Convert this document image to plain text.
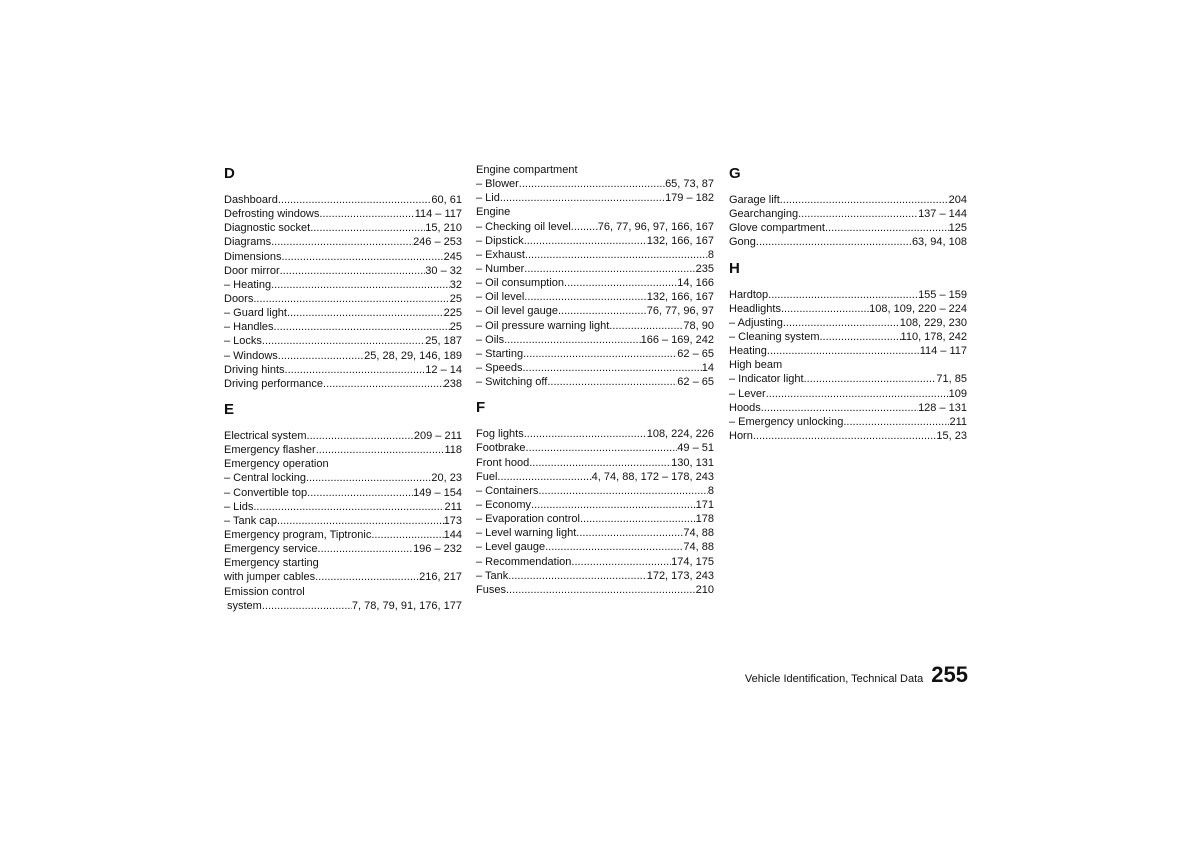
D
Dashboard .....	60, 61
Defrosting windows .....	114 – 117
Diagnostic socket .....	15, 210
Diagrams .....	246 – 253
Dimensions .....	245
Door mirror .....	30 – 32
– Heating .....	32
Doors .....	25
– Guard light .....	225
– Handles .....	25
– Locks .....	25, 187
– Windows .....	25, 28, 29, 146, 189
Driving hints .....	12 – 14
Driving performance .....	238
E
Electrical system .....	209 – 211
Emergency flasher .....	118
Emergency operation
– Central locking .....	20, 23
– Convertible top .....	149 – 154
– Lids .....	211
– Tank cap .....	173
Emergency program, Tiptronic .....	144
Emergency service .....	196 – 232
Emergency starting
with jumper cables .....	216, 217
Emission control
system .....	7, 78, 79, 91, 176, 177
Engine compartment
– Blower .....	65, 73, 87
– Lid .....	179 – 182
Engine
– Checking oil level ..... 76, 77, 96, 97, 166, 167
– Dipstick .....	132, 166, 167
– Exhaust .....	8
– Number .....	235
– Oil consumption .....	14, 166
– Oil level .....	132, 166, 167
– Oil level gauge .....	76, 77, 96, 97
– Oil pressure warning light .....	78, 90
– Oils .....	166 – 169, 242
– Starting .....	62 – 65
– Speeds .....	14
– Switching off .....	62 – 65
F
Fog lights .....	108, 224, 226
Footbrake .....	49 – 51
Front hood .....	130, 131
Fuel .....	4, 74, 88, 172 – 178, 243
– Containers .....	8
– Economy .....	171
– Evaporation control .....	178
– Level warning light .....	74, 88
– Level gauge .....	74, 88
– Recommendation .....	174, 175
– Tank .....	172, 173, 243
Fuses .....	210
G
Garage lift .....	204
Gearchanging .....	137 – 144
Glove compartment .....	125
Gong .....	63, 94, 108
H
Hardtop .....	155 – 159
Headlights .....	108, 109, 220 – 224
– Adjusting .....	108, 229, 230
– Cleaning system .....	110, 178, 242
Heating .....	114 – 117
High beam
– Indicator light .....	71, 85
– Lever .....	109
Hoods .....	128 – 131
– Emergency unlocking .....	211
Horn .....	15, 23
Vehicle Identification, Technical Data 255
